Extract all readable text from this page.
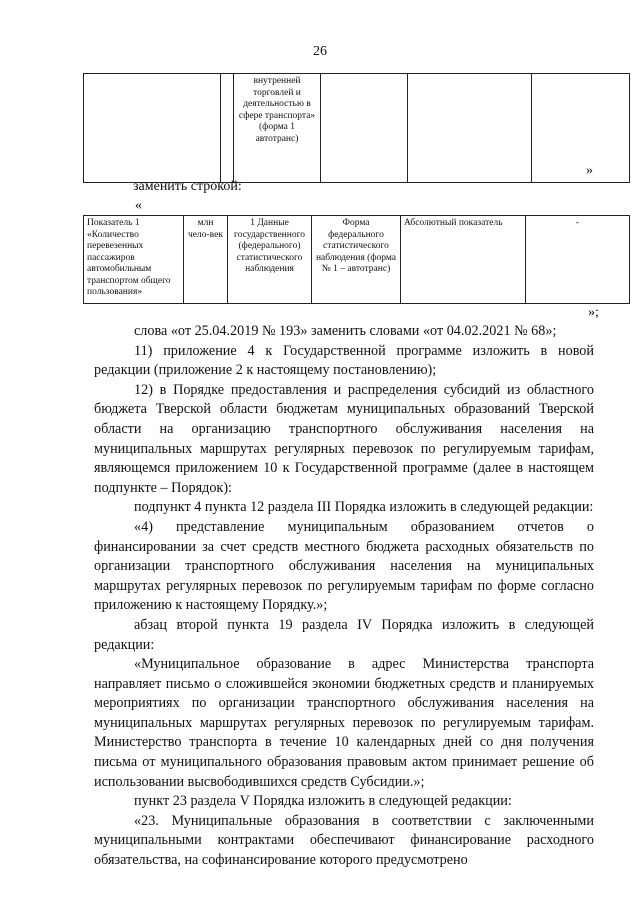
26
		внутренней торговлей и деятельностью в сфере транспорта» (форма 1 автотранс)			
»
заменить строкой:
«
Показатель 1 «Количество перевезенных пассажиров автомобильным транспортом общего пользования»	млн чело-век	1 Данные государственного (федерального) статистического наблюдения	Форма федерального статистического наблюдения (форма № 1 – автотранс)	Абсолютный показатель	-
»;

слова «от 25.04.2019 № 193» заменить словами «от 04.02.2021 № 68»;

11) приложение 4 к Государственной программе изложить в новой редакции (приложение 2 к настоящему постановлению);

12) в Порядке предоставления и распределения субсидий из областного бюджета Тверской области бюджетам муниципальных образований Тверской области на организацию транспортного обслуживания населения на муниципальных маршрутах регулярных перевозок по регулируемым тарифам, являющемся приложением 10 к Государственной программе (далее в настоящем подпункте – Порядок):

подпункт 4 пункта 12 раздела III Порядка изложить в следующей редакции:

«4) представление муниципальным образованием отчетов о финансировании за счет средств местного бюджета расходных обязательств по организации транспортного обслуживания населения на муниципальных маршрутах регулярных перевозок по регулируемым тарифам по форме согласно приложению к настоящему Порядку.»;

абзац второй пункта 19 раздела IV Порядка изложить в следующей редакции:

«Муниципальное образование в адрес Министерства транспорта направляет письмо о сложившейся экономии бюджетных средств и планируемых мероприятиях по организации транспортного обслуживания населения на муниципальных маршрутах регулярных перевозок по регулируемым тарифам. Министерство транспорта в течение 10 календарных дней со дня получения письма от муниципального образования правовым актом принимает решение об использовании высвободившихся средств Субсидии.»;

пункт 23 раздела V Порядка изложить в следующей редакции:

«23. Муниципальные образования в соответствии с заключенными муниципальными контрактами обеспечивают финансирование расходного обязательства, на софинансирование которого предусмотрено
